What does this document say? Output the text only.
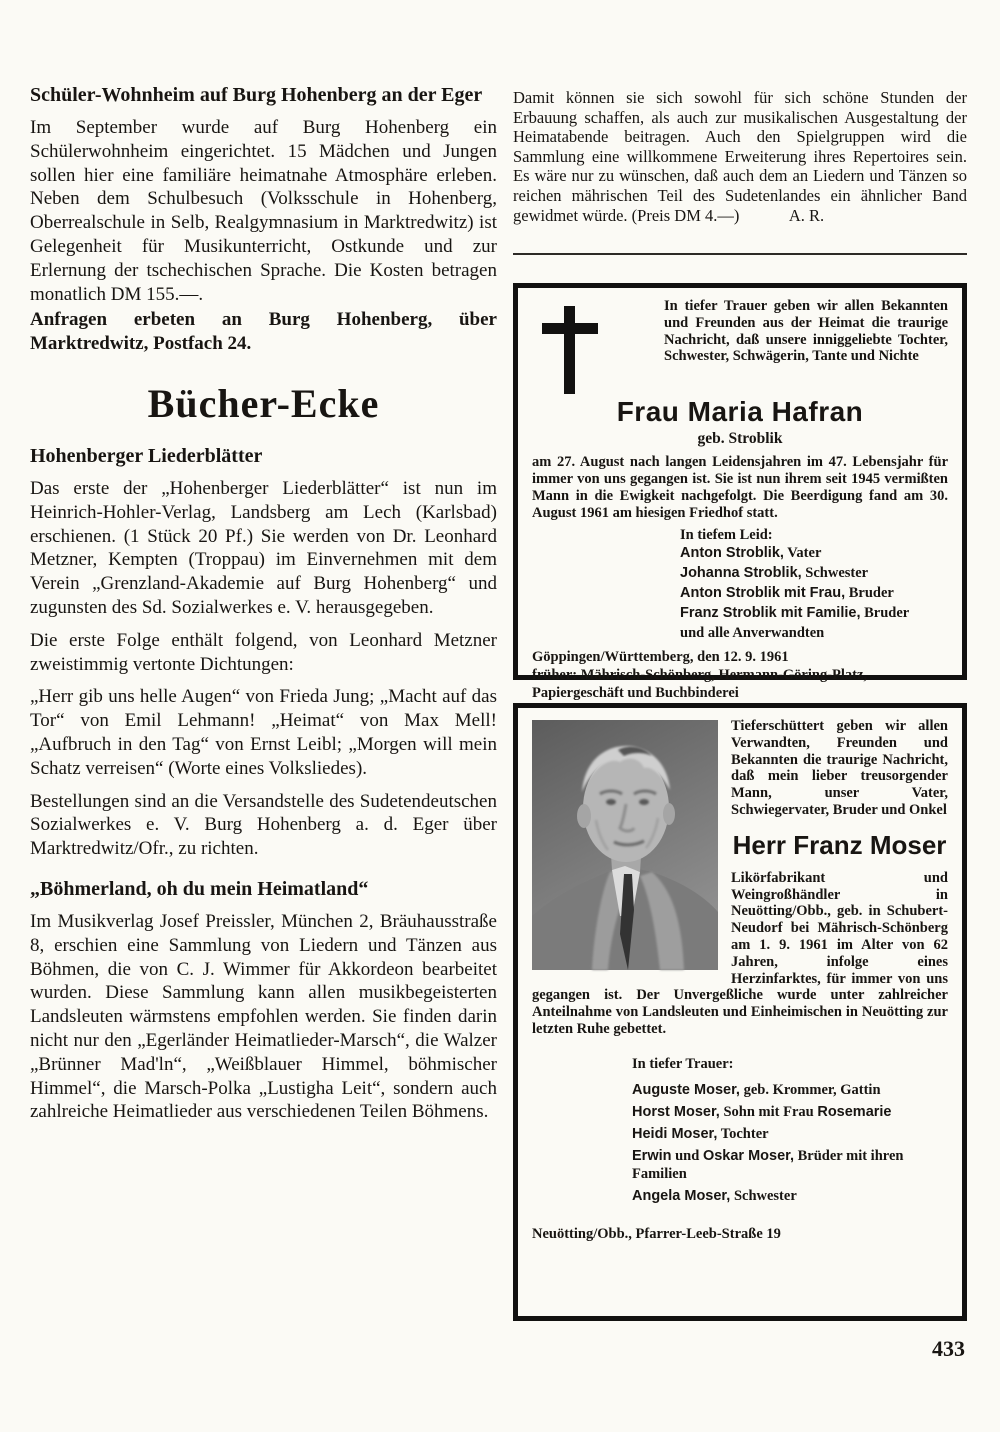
Schüler-Wohnheim auf Burg Hohenberg an der Eger

Im September wurde auf Burg Hohenberg ein Schülerwohnheim eingerichtet. 15 Mädchen und Jungen sollen hier eine familiäre heimatnahe Atmosphäre erleben. Neben dem Schulbesuch (Volksschule in Hohenberg, Oberrealschule in Selb, Realgymnasium in Marktredwitz) ist Gelegenheit für Musikunterricht, Ostkunde und zur Erlernung der tschechischen Sprache. Die Kosten betragen monatlich DM 155.—.

Anfragen erbeten an Burg Hohenberg, über Marktredwitz, Postfach 24.

Bücher-Ecke
Hohenberger Liederblätter

Das erste der „Hohenberger Liederblätter“ ist nun im Heinrich-Hohler-Verlag, Landsberg am Lech (Karlsbad) erschienen. (1 Stück 20 Pf.) Sie werden von Dr. Leonhard Metzner, Kempten (Troppau) im Einvernehmen mit dem Verein „Grenzland-Akademie auf Burg Hohenberg“ und zugunsten des Sd. Sozialwerkes e. V. herausgegeben.

Die erste Folge enthält folgend, von Leonhard Metzner zweistimmig vertonte Dichtungen:

„Herr gib uns helle Augen“ von Frieda Jung; „Macht auf das Tor“ von Emil Lehmann! „Heimat“ von Max Mell! „Aufbruch in den Tag“ von Ernst Leibl; „Morgen will mein Schatz verreisen“ (Worte eines Volksliedes).

Bestellungen sind an die Versandstelle des Sudetendeutschen Sozialwerkes e. V. Burg Hohenberg a. d. Eger über Marktredwitz/Ofr., zu richten.

„Böhmerland, oh du mein Heimatland“

Im Musikverlag Josef Preissler, München 2, Bräuhausstraße 8, erschien eine Sammlung von Liedern und Tänzen aus Böhmen, die von C. J. Wimmer für Akkordeon bearbeitet wurden. Diese Sammlung kann allen musikbegeisterten Landsleuten wärmstens empfohlen werden. Sie finden darin nicht nur den „Egerländer Heimatlieder-Marsch“, die Walzer „Brünner Mad'ln“, „Weißblauer Himmel, böhmischer Himmel“, die Marsch-Polka „Lustigha Leit“, sondern auch zahlreiche Heimatlieder aus verschiedenen Teilen Böhmens.

Damit können sie sich sowohl für sich schöne Stunden der Erbauung schaffen, als auch zur musikalischen Ausgestaltung der Heimatabende beitragen. Auch den Spielgruppen wird die Sammlung eine willkommene Erweiterung ihres Repertoires sein. Es wäre nur zu wünschen, daß auch dem an Liedern und Tänzen so reichen mährischen Teil des Sudetenlandes ein ähnlicher Band gewidmet würde. (Preis DM 4.—)	A. R.

In tiefer Trauer geben wir allen Bekannten und Freunden aus der Heimat die traurige Nachricht, daß unsere inniggeliebte Tochter, Schwester, Schwägerin, Tante und Nichte
Frau Maria Hafran
geb. Stroblik
am 27. August nach langen Leidensjahren im 47. Lebensjahr für immer von uns gegangen ist. Sie ist nun ihrem seit 1945 vermißten Mann in die Ewigkeit nachgefolgt. Die Beerdigung fand am 30. August 1961 am hiesigen Friedhof statt.
In tiefem Leid:
Anton Stroblik, Vater
Johanna Stroblik, Schwester
Anton Stroblik mit Frau, Bruder
Franz Stroblik mit Familie, Bruder
und alle Anverwandten
Göppingen/Württemberg, den 12. 9. 1961
früher: Mährisch-Schönberg, Hermann-Göring-Platz,
Papiergeschäft und Buchbinderei
Tieferschüttert geben wir allen Verwandten, Freunden und Bekannten die traurige Nachricht, daß mein lieber treusorgender Mann, unser Vater, Schwiegervater, Bruder und Onkel
Herr Franz Moser
Likörfabrikant und Weingroßhändler in Neuötting/Obb., geb. in Schubert-Neudorf bei Mährisch-Schönberg am 1. 9. 1961 im Alter von 62 Jahren, infolge eines Herzinfarktes, für immer von uns gegangen ist. Der Unvergeßliche wurde unter zahlreicher Anteilnahme von Landsleuten und Einheimischen in Neuötting zur letzten Ruhe gebettet.
In tiefer Trauer:
Auguste Moser, geb. Krommer, Gattin
Horst Moser, Sohn mit Frau Rosemarie
Heidi Moser, Tochter
Erwin und Oskar Moser, Brüder mit ihren Familien
Angela Moser, Schwester
Neuötting/Obb., Pfarrer-Leeb-Straße 19
433
